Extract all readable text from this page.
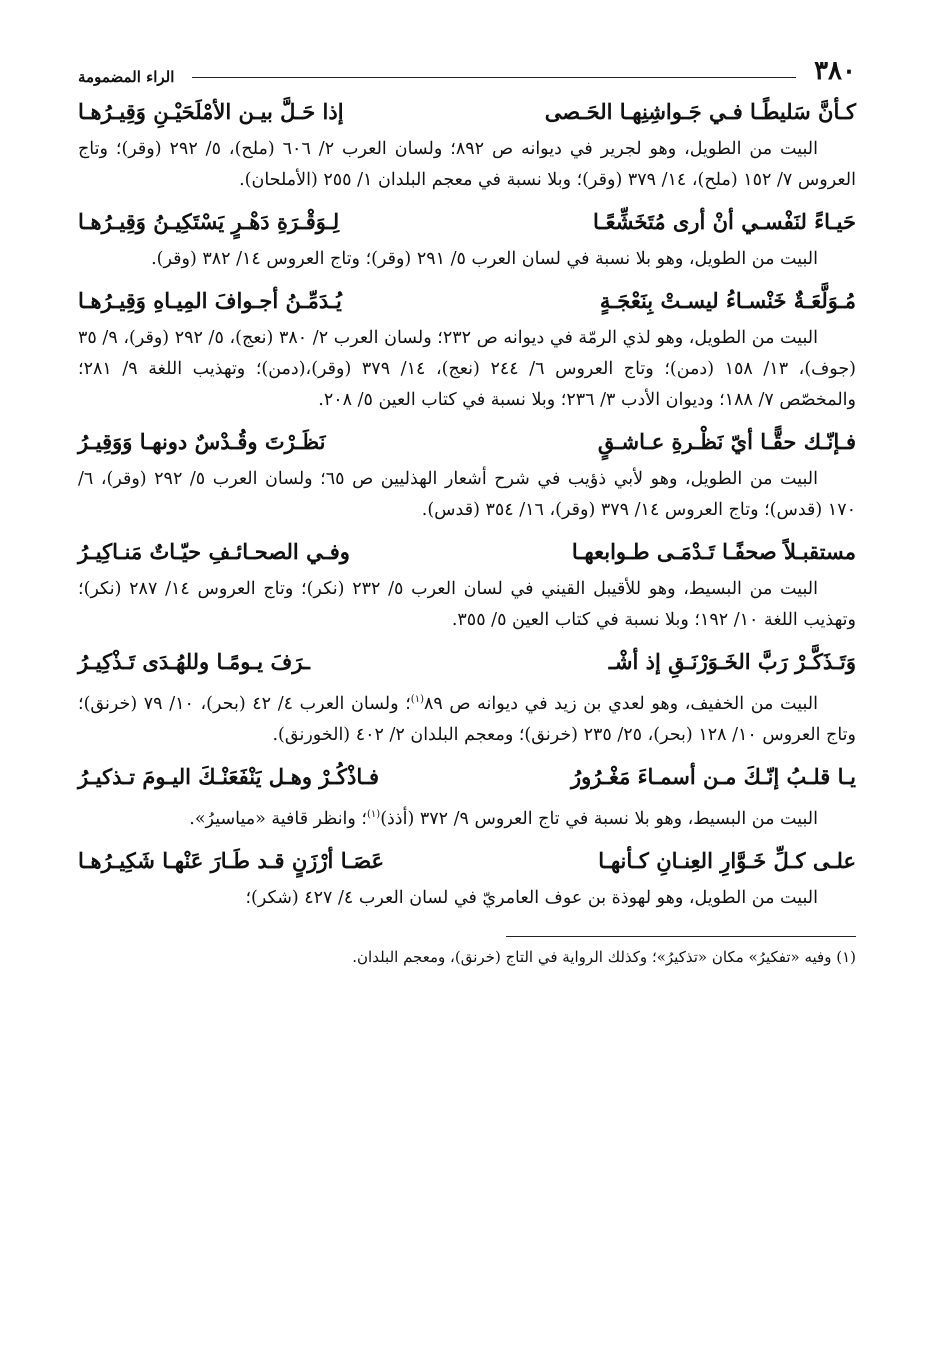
٣٨٠
الراء المضمومة
كـأنَّ سَليطًـا فـي جَـواشِنِهـا الحَـصى
إذا حَـلَّ بيـن الأمْلَحَيْـنِ وَقِيـرُهـا

البيت من الطويل، وهو لجرير في ديوانه ص ٨٩٢؛ ولسان العرب ٢/ ٦٠٦ (ملح)، ٥/ ٢٩٢ (وقر)؛ وتاج العروس ٧/ ١٥٢ (ملح)، ١٤/ ٣٧٩ (وقر)؛ وبلا نسبة في معجم البلدان ١/ ٢٥٥ (الأملحان).

حَيـاءً لنَفْسـي أنْ أرى مُتَخَشِّعًـا
لِـوَقْـرَةِ دَهْـرٍ يَسْتَكِيـنُ وَقِيـرُهـا

البيت من الطويل، وهو بلا نسبة في لسان العرب ٥/ ٢٩١ (وقر)؛ وتاج العروس ١٤/ ٣٨٢ (وقر).

مُـوَلَّعَـةٌ خَنْسـاءُ ليسـتْ بِنَعْجَـةٍ
يُـدَمِّـنُ أجـوافَ المِيـاهِ وَقِيـرُهـا

البيت من الطويل، وهو لذي الرمّة في ديوانه ص ٢٣٢؛ ولسان العرب ٢/ ٣٨٠ (نعج)، ٥/ ٢٩٢ (وقر)، ٩/ ٣٥ (جوف)، ١٣/ ١٥٨ (دمن)؛ وتاج العروس ٦/ ٢٤٤ (نعج)، ١٤/ ٣٧٩ (وقر)،(دمن)؛ وتهذيب اللغة ٩/ ٢٨١؛ والمخصّص ٧/ ١٨٨؛ وديوان الأدب ٣/ ٢٣٦؛ وبلا نسبة في كتاب العين ٥/ ٢٠٨.

فـإنّـك حقًّـا أيّ نَظْـرةِ عـاشـقٍ
نَظَـرْتَ وقُـدْسٌ دونهـا وَوَقِيـرُ

البيت من الطويل، وهو لأبي ذؤيب في شرح أشعار الهذليين ص ٦٥؛ ولسان العرب ٥/ ٢٩٢ (وقر)، ٦/ ١٧٠ (قدس)؛ وتاج العروس ١٤/ ٣٧٩ (وقر)، ١٦/ ٣٥٤ (قدس).

مستقبـلاً صحفًـا تَـدْمَـى طـوابعهـا
وفـي الصحـائـفِ حيّـاتٌ مَنـاكِيـرُ

البيت من البسيط، وهو للأقيبل القيني في لسان العرب ٥/ ٢٣٢ (نكر)؛ وتاج العروس ١٤/ ٢٨٧ (نكر)؛ وتهذيب اللغة ١٠/ ١٩٢؛ وبلا نسبة في كتاب العين ٥/ ٣٥٥.

وَتَـذَكَّـرْ رَبَّ الخَـوَرْنَـقِ إذ أشْـ
ـرَفَ يـومًـا وللهُـدَى تَـذْكِيـرُ

البيت من الخفيف، وهو لعدي بن زيد في ديوانه ص ٨٩$^{(١)}$؛ ولسان العرب ٤/ ٤٢ (بحر)، ١٠/ ٧٩ (خرنق)؛ وتاج العروس ١٠/ ١٢٨ (بحر)، ٢٥/ ٢٣٥ (خرنق)؛ ومعجم البلدان ٢/ ٤٠٢ (الخورنق).

يـا قلـبُ إنّـكَ مـن أسمـاءَ مَغْـرُورُ
فـاذْكُـرْ وهـل يَنْفَعَنْـكَ اليـومَ تـذكيـرُ

البيت من البسيط، وهو بلا نسبة في تاج العروس ٩/ ٣٧٢ (أذذ)$^{(١)}$؛ وانظر قافية «مياسيرُ».

علـى كـلِّ خَـوَّارِ العِنـانِ كـأنهـا
عَصَـا أرْزَنٍ قـد طَـارَ عَنْهـا شَكِيـرُهـا

البيت من الطويل، وهو لهوذة بن عوف العامريّ في لسان العرب ٤/ ٤٢٧ (شكر)؛

(١) وفيه «تفكيرُ» مكان «تذكيرُ»؛ وكذلك الرواية في التاج (خرنق)، ومعجم البلدان.
